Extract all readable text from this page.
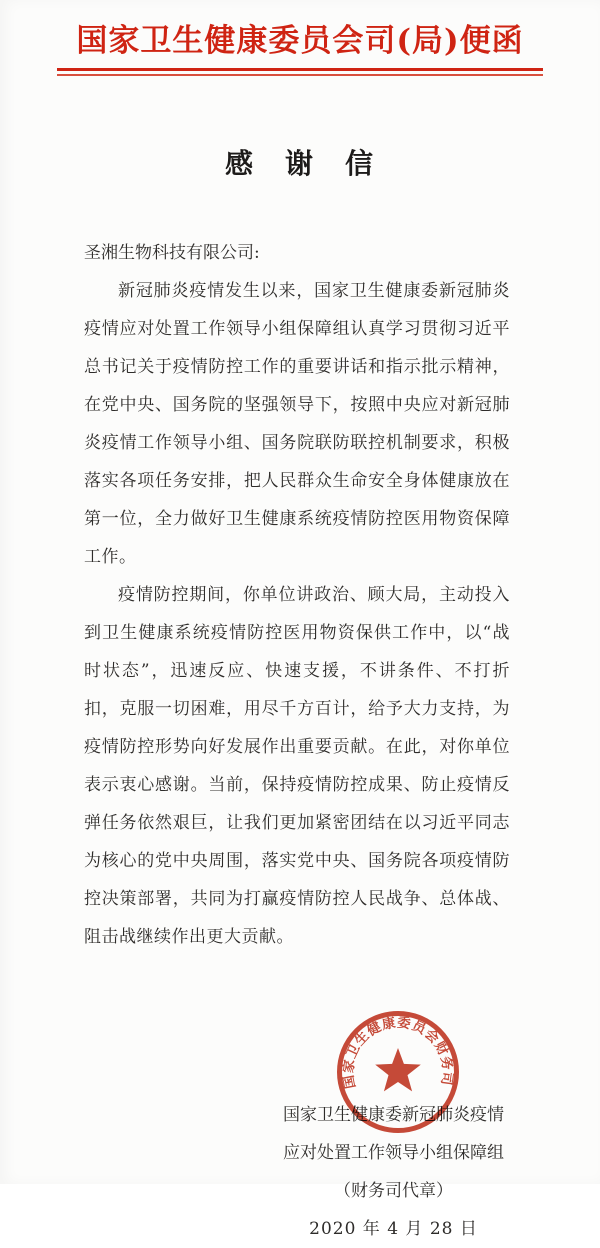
国家卫生健康委员会司(局)便函
感　谢　信
圣湘生物科技有限公司:

新冠肺炎疫情发生以来，国家卫生健康委新冠肺炎疫情应对处置工作领导小组保障组认真学习贯彻习近平总书记关于疫情防控工作的重要讲话和指示批示精神，在党中央、国务院的坚强领导下，按照中央应对新冠肺炎疫情工作领导小组、国务院联防联控机制要求，积极落实各项任务安排，把人民群众生命安全身体健康放在第一位，全力做好卫生健康系统疫情防控医用物资保障工作。

疫情防控期间，你单位讲政治、顾大局，主动投入到卫生健康系统疫情防控医用物资保供工作中，以“战时状态”，迅速反应、快速支援，不讲条件、不打折扣，克服一切困难，用尽千方百计，给予大力支持，为疫情防控形势向好发展作出重要贡献。在此，对你单位表示衷心感谢。当前，保持疫情防控成果、防止疫情反弹任务依然艰巨，让我们更加紧密团结在以习近平同志为核心的党中央周围，落实党中央、国务院各项疫情防控决策部署，共同为打赢疫情防控人民战争、总体战、阻击战继续作出更大贡献。

国家卫生健康委新冠肺炎疫情
应对处置工作领导小组保障组
（财务司代章）
2020 年 4 月 28 日
国家卫生健康委员会财务司
